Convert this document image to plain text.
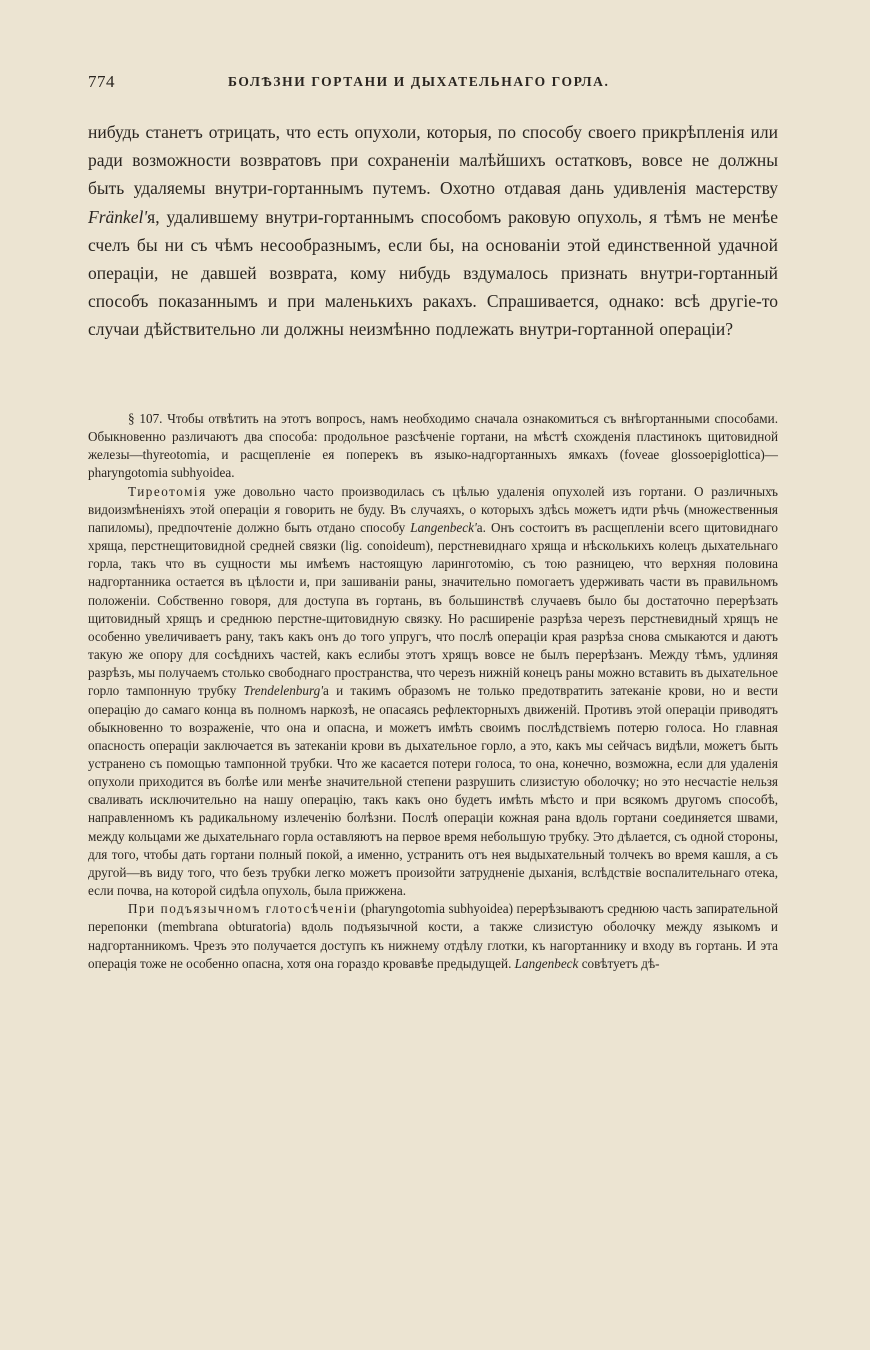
774	БОЛѢЗНИ ГОРТАНИ И ДЫХАТЕЛЬНАГО ГОРЛА.

нибудь станетъ отрицать, что есть опухоли, которыя, по способу своего прикрѣпленія или ради возможности возвратовъ при сохраненіи малѣйшихъ остатковъ, вовсе не должны быть удаляемы внутри-гортаннымъ путемъ. Охотно отдавая дань удивленія мастерству Fränkel'я, удалившему внутри-гортаннымъ способомъ раковую опухоль, я тѣмъ не менѣе счелъ бы ни съ чѣмъ несообразнымъ, если бы, на основаніи этой единственной удачной операціи, не давшей возврата, кому нибудь вздумалось признать внутри-гортанный способъ показаннымъ и при маленькихъ ракахъ. Спрашивается, однако: всѣ другіе-то случаи дѣйствительно ли должны неизмѣнно подлежать внутри-гортанной операціи?

§ 107. Чтобы отвѣтить на этотъ вопросъ, намъ необходимо сначала ознакомиться съ внѣгортанными способами. Обыкновенно различаютъ два способа: продольное разсѣченіе гортани, на мѣстѣ схожденія пластинокъ щитовидной железы—thyreotomia, и расщепленіе ея поперекъ въ языко-надгортанныхъ ямкахъ (foveae glossoepiglottica)—pharyngotomia subhyoidea.

Тиреотомія уже довольно часто производилась съ цѣлью удаленія опухолей изъ гортани. О различныхъ видоизмѣненіяхъ этой операціи я говорить не буду. Въ случаяхъ, о которыхъ здѣсь можетъ идти рѣчь (множественныя папиломы), предпочтеніе должно быть отдано способу Langenbeck'а. Онъ состоитъ въ расщепленіи всего щитовиднаго хряща, перстнещитовидной средней связки (lig. conoideum), перстневиднаго хряща и нѣсколькихъ колецъ дыхательнаго горла, такъ что въ сущности мы имѣемъ настоящую ларинготомію, съ тою разницею, что верхняя половина надгортанника остается въ цѣлости и, при зашиваніи раны, значительно помогаетъ удерживать части въ правильномъ положеніи. Собственно говоря, для доступа въ гортань, въ большинствѣ случаевъ было бы достаточно перерѣзать щитовидный хрящъ и среднюю перстне-щитовидную связку. Но расширеніе разрѣза черезъ перстневидный хрящъ не особенно увеличиваетъ рану, такъ какъ онъ до того упругъ, что послѣ операціи края разрѣза снова смыкаются и даютъ такую же опору для сосѣднихъ частей, какъ еслибы этотъ хрящъ вовсе не былъ перерѣзанъ. Между тѣмъ, удлиняя разрѣзъ, мы получаемъ столько свободнаго пространства, что черезъ нижній конецъ раны можно вставить въ дыхательное горло тампонную трубку Trendelenburg'а и такимъ образомъ не только предотвратить затеканіе крови, но и вести операцію до самаго конца въ полномъ наркозѣ, не опасаясь рефлекторныхъ движеній. Противъ этой операціи приводятъ обыкновенно то возраженіе, что она и опасна, и можетъ имѣть своимъ послѣдствіемъ потерю голоса. Но главная опасность операціи заключается въ затеканіи крови въ дыхательное горло, а это, какъ мы сейчасъ видѣли, можетъ быть устранено съ помощью тампонной трубки. Что же касается потери голоса, то она, конечно, возможна, если для удаленія опухоли приходится въ болѣе или менѣе значительной степени разрушить слизистую оболочку; но это несчастіе нельзя сваливать исключительно на нашу операцію, такъ какъ оно будетъ имѣть мѣсто и при всякомъ другомъ способѣ, направленномъ къ радикальному излеченію болѣзни. Послѣ операціи кожная рана вдоль гортани соединяется швами, между кольцами же дыхательнаго горла оставляютъ на первое время небольшую трубку. Это дѣлается, съ одной стороны, для того, чтобы дать гортани полный покой, а именно, устранить отъ нея выдыхательный толчекъ во время кашля, а съ другой—въ виду того, что безъ трубки легко можетъ произойти затрудненіе дыханія, вслѣдствіе воспалительнаго отека, если почва, на которой сидѣла опухоль, была прижжена.

При подъязычномъ глотосѣченіи (pharyngotomia subhyoidea) перерѣзываютъ среднюю часть запирательной перепонки (membrana obturatoria) вдоль подъязычной кости, а также слизистую оболочку между языкомъ и надгортанникомъ. Чрезъ это получается доступъ къ нижнему отдѣлу глотки, къ нагортаннику и входу въ гортань. И эта операція тоже не особенно опасна, хотя она гораздо кровавѣе предыдущей. Langenbeck совѣтуетъ дѣ-
